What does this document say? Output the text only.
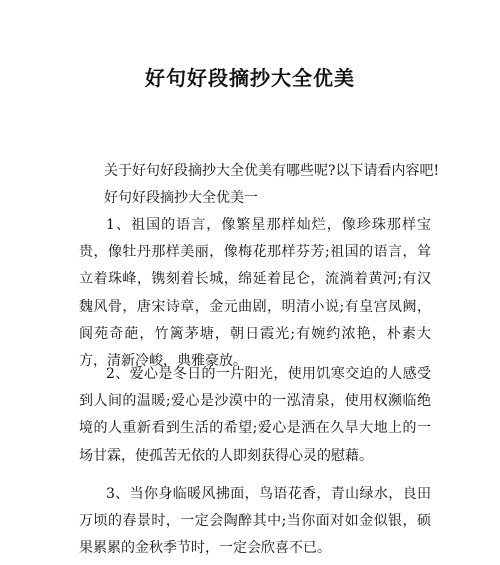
好句好段摘抄大全优美

关于好句好段摘抄大全优美有哪些呢?以下请看内容吧!

好句好段摘抄大全优美一

1、祖国的语言，像繁星那样灿烂，像珍珠那样宝贵，像牡丹那样美丽，像梅花那样芬芳;祖国的语言，耸立着珠峰，镌刻着长城，绵延着昆仑，流淌着黄河;有汉魏风骨，唐宋诗章，金元曲剧，明清小说;有皇宫凤阙，阆苑奇葩，竹篱茅塘，朝日霞光;有婉约浓艳，朴素大方，清新冷峻，典雅豪放。

2、爱心是冬日的一片阳光，使用饥寒交迫的人感受到人间的温暖;爱心是沙漠中的一泓清泉，使用权濒临绝境的人重新看到生活的希望;爱心是洒在久旱大地上的一场甘霖，使孤苦无依的人即刻获得心灵的慰藉。

3、当你身临暖风拂面，鸟语花香，青山绿水，良田万顷的春景时，一定会陶醉其中;当你面对如金似银，硕果累累的金秋季节时，一定会欣喜不已。
